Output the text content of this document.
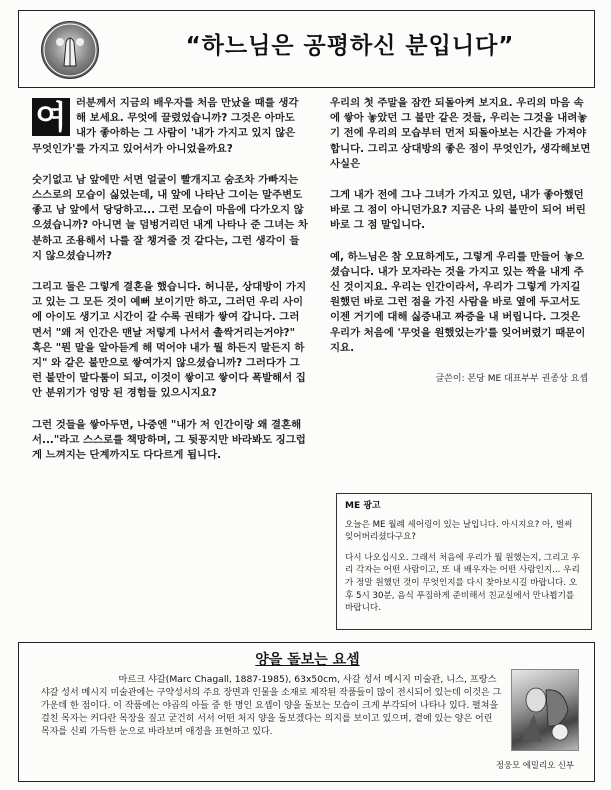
“하느님은 공평하신 분입니다”
여 러분께서 지금의 배우자를 처음 만났을 때를 생각해 보세요. 무엇에 끌렸었습니까? 그것은 아마도 내가 좋아하는 그 사람이 '내가 가지고 있지 않은 무엇인가'를 가지고 있어서가 아니었을까요?

숫기없고 남 앞에만 서면 얼굴이 빨개지고 숨조차 가빠지는 스스로의 모습이 싫었는데, 내 앞에 나타난 그이는 말주변도 좋고 남 앞에서 당당하고... 그런 모습이 마음에 다가오지 않으셨습니까? 아니면 늘 덤벙거리던 내게 나타나 준 그녀는 차분하고 조용해서 나를 잘 챙겨줄 것 같다는, 그런 생각이 들지 않으셨습니까?

그리고 둘은 그렇게 결혼을 했습니다. 허니문, 상대방이 가지고 있는 그 모든 것이 예뻐 보이기만 하고, 그러던 우리 사이에 아이도 생기고 시간이 갈 수록 권태가 쌓여 갑니다. 그러면서 "왜 저 인간은 맨날 저렇게 나서서 촐싹거리는거야?" 혹은 "뭔 말을 알아듣게 해 먹어야 내가 뭘 하든지 말든지 하지" 와 같은 불만으로 쌓여가지 않으셨습니까? 그러다가 그런 불만이 말다툼이 되고, 이것이 쌓이고 쌓이다 폭발해서 집안 분위기가 엉망 된 경험들 있으시지요?

그런 것들을 쌓아두면, 나중엔 "내가 저 인간이랑 왜 결혼해서..."라고 스스로를 책망하며, 그 뒷꽁지만 바라봐도 징그럽게 느껴지는 단계까지도 다다르게 됩니다.

우리의 첫 주말을 잠깐 되돌아켜 보지요. 우리의 마음 속에 쌓아 놓았던 그 불만 같은 것들, 우리는 그것을 내려놓기 전에 우리의 모습부터 먼저 되돌아보는 시간을 가져야 합니다. 그리고 상대방의 좋은 점이 무엇인가, 생각해보면 사실은

그게 내가 전에 그나 그녀가 가지고 있던, 내가 좋아했던 바로 그 점이 아니던가요? 지금은 나의 불만이 되어 버린 바로 그 점 말입니다.

예, 하느님은 참 오묘하게도, 그렇게 우리를 만들어 놓으셨습니다. 내가 모자라는 것을 가지고 있는 짝을 내게 주신 것이지요. 우리는 인간이라서, 우리가 그렇게 가지길 원했던 바로 그런 점을 가진 사람을 바로 옆에 두고서도 이젠 거기에 대해 싫증내고 짜증을 내 버립니다. 그것은 우리가 처음에 '무엇을 원했었는가'를 잊어버렸기 때문이지요.

글쓴이: 본당 ME 대표부부 권종상 요셉
ME 광고

오늘은 ME 월례 세어링이 있는 날입니다. 아시지요? 아, 벌써 잊어버리셨다구요?

다시 나오십시오. 그래서 처음에 우리가 뭘 원했는지, 그리고 우리 각자는 어떤 사람이고, 또 내 배우자는 어떤 사람인지... 우리가 정말 원했던 것이 무엇인지를 다시 찾아보시길 바랍니다. 오후 5시 30분, 음식 푸짐하게 준비해서 친교실에서 만나뵙기를 바랍니다.

양을 돌보는 요셉
마르크 샤갈(Marc Chagall, 1887-1985), 63x50cm, 사갈 성서 메시지 미술관, 니스, 프랑스
샤갈 성서 메시지 미술관에는 구약성서의 주요 장면과 인물을 소재로 제작된 작품들이 많이 전시되어 있는데 이것은 그 가운데 한 점이다. 이 작품에는 야곱의 아들 중 한 명인 요셉이 양을 돌보는 모습이 크게 부각되어 나타나 있다. 펼쳐을 걸친 목자는 커다란 목장을 짚고 굳건히 서서 어떤 처지 양을 돌보겠다는 의지를 보이고 있으며, 곁에 있는 양은 어린 목자를 신뢰 가득한 눈으로 바라보며 애정을 표현하고 있다.
정웅모 에밀리오 신부
